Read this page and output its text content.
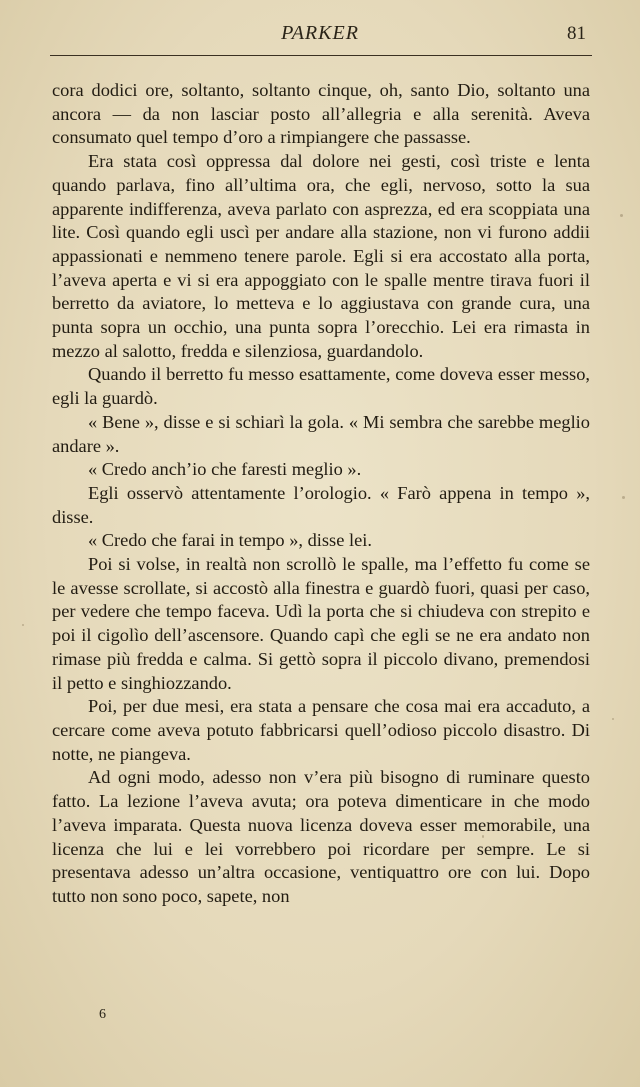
PARKER	81

cora dodici ore, soltanto, soltanto cinque, oh, santo Dio, soltanto una ancora — da non lasciar posto all’allegria e alla serenità. Aveva consumato quel tempo d’oro a rimpiangere che passasse.

Era stata così oppressa dal dolore nei gesti, così triste e lenta quando parlava, fino all’ultima ora, che egli, nervoso, sotto la sua apparente indifferenza, aveva parlato con asprezza, ed era scoppiata una lite. Così quando egli uscì per andare alla stazione, non vi furono addii appassionati e nemmeno tenere parole. Egli si era accostato alla porta, l’aveva aperta e vi si era appoggiato con le spalle mentre tirava fuori il berretto da aviatore, lo metteva e lo aggiustava con grande cura, una punta sopra un occhio, una punta sopra l’orecchio. Lei era rimasta in mezzo al salotto, fredda e silenziosa, guardandolo.

Quando il berretto fu messo esattamente, come doveva esser messo, egli la guardò.

« Bene », disse e si schiarì la gola. « Mi sembra che sarebbe meglio andare ».

« Credo anch’io che faresti meglio ».

Egli osservò attentamente l’orologio. « Farò appena in tempo », disse.

« Credo che farai in tempo », disse lei.

Poi si volse, in realtà non scrollò le spalle, ma l’effetto fu come se le avesse scrollate, si accostò alla finestra e guardò fuori, quasi per caso, per vedere che tempo faceva. Udì la porta che si chiudeva con strepito e poi il cigolìo dell’ascensore. Quando capì che egli se ne era andato non rimase più fredda e calma. Si gettò sopra il piccolo divano, premendosi il petto e singhiozzando.

Poi, per due mesi, era stata a pensare che cosa mai era accaduto, a cercare come aveva potuto fabbricarsi quell’odioso piccolo disastro. Di notte, ne piangeva.

Ad ogni modo, adesso non v’era più bisogno di ruminare questo fatto. La lezione l’aveva avuta; ora poteva dimenticare in che modo l’aveva imparata. Questa nuova licenza doveva esser memorabile, una licenza che lui e lei vorrebbero poi ricordare per sempre. Le si presentava adesso un’altra occasione, ventiquattro ore con lui. Dopo tutto non sono poco, sapete, non

6
